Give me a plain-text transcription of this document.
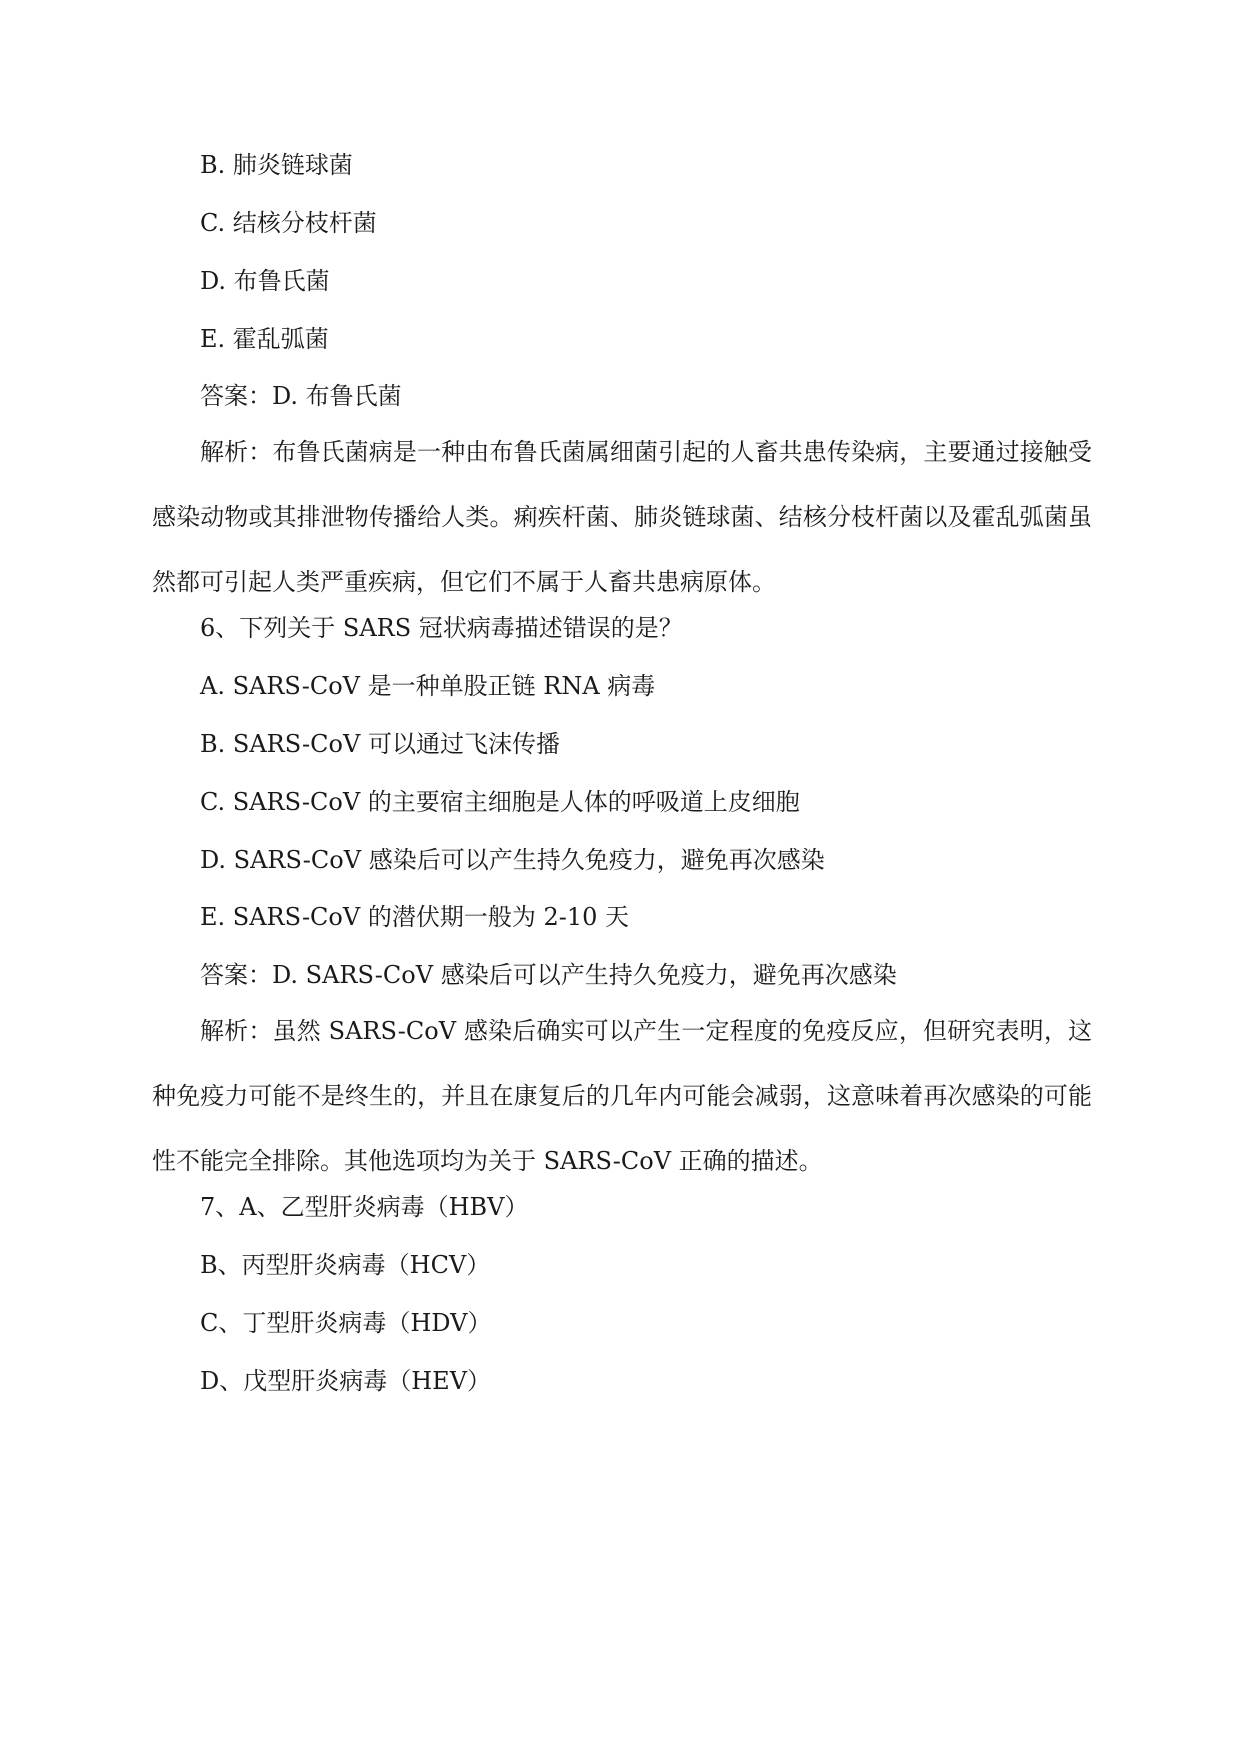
B. 肺炎链球菌
C. 结核分枝杆菌
D. 布鲁氏菌
E. 霍乱弧菌
答案：D. 布鲁氏菌
解析：布鲁氏菌病是一种由布鲁氏菌属细菌引起的人畜共患传染病，主要通过接触受感染动物或其排泄物传播给人类。痢疾杆菌、肺炎链球菌、结核分枝杆菌以及霍乱弧菌虽然都可引起人类严重疾病，但它们不属于人畜共患病原体。
6、下列关于 SARS 冠状病毒描述错误的是？
A. SARS-CoV 是一种单股正链 RNA 病毒
B. SARS-CoV 可以通过飞沫传播
C. SARS-CoV 的主要宿主细胞是人体的呼吸道上皮细胞
D. SARS-CoV 感染后可以产生持久免疫力，避免再次感染
E. SARS-CoV 的潜伏期一般为 2-10 天
答案：D. SARS-CoV 感染后可以产生持久免疫力，避免再次感染
解析：虽然 SARS-CoV 感染后确实可以产生一定程度的免疫反应，但研究表明，这种免疫力可能不是终生的，并且在康复后的几年内可能会减弱，这意味着再次感染的可能性不能完全排除。其他选项均为关于 SARS-CoV 正确的描述。
7、A、乙型肝炎病毒（HBV）
B、丙型肝炎病毒（HCV）
C、丁型肝炎病毒（HDV）
D、戊型肝炎病毒（HEV）
